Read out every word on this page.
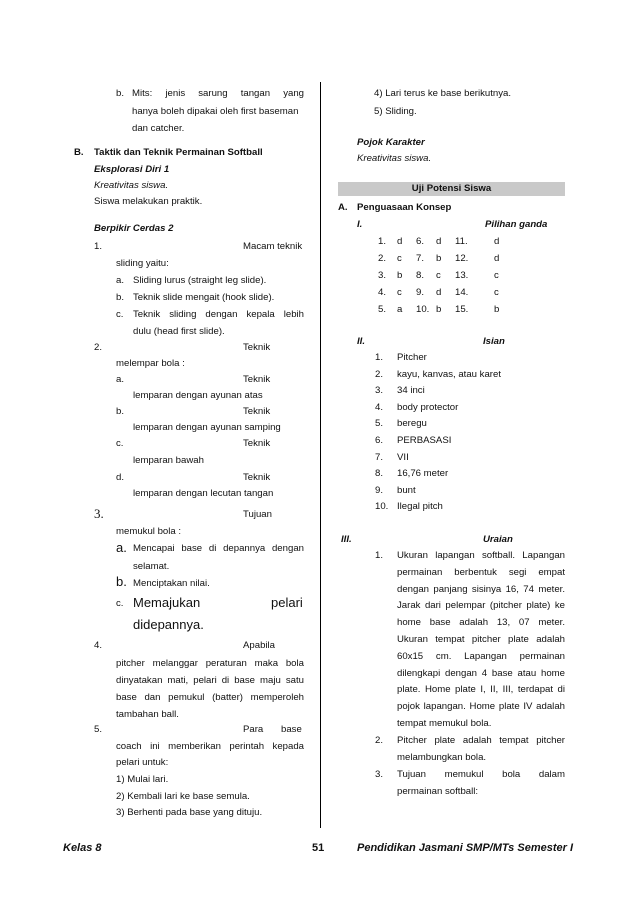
b. Mits: jenis sarung tangan yang
hanya boleh dipakai oleh first baseman
dan catcher.
B. Taktik dan Teknik Permainan Softball
Eksplorasi Diri 1
Kreativitas siswa.
Siswa melakukan praktik.
Berpikir Cerdas 2
1.	Macam teknik
sliding yaitu:
a. Sliding lurus (straight leg slide).
b. Teknik slide mengait (hook slide).
c. Teknik sliding dengan kepala lebih
dulu (head first slide).
2.	Teknik
melempar bola :
a.	Teknik
lemparan dengan ayunan atas
b.	Teknik
lemparan dengan ayunan samping
c.	Teknik
lemparan bawah
d.	Teknik
lemparan dengan lecutan tangan
3.	Tujuan
memukul bola :
a. Mencapai base di depannya dengan
selamat.
b. Menciptakan nilai.
c. Memajukan	pelari
didepannya.
4.	Apabila
pitcher melanggar peraturan maka bola
dinyatakan mati, pelari di base maju satu
base dan pemukul (batter) memperoleh
tambahan ball.
5.	Para base
coach ini memberikan perintah kepada
pelari untuk:
1) Mulai lari.
2) Kembali lari ke base semula.
3) Berhenti pada base yang dituju.
4) Lari terus ke base berikutnya.
5) Sliding.
Pojok Karakter
Kreativitas siswa.
Uji Potensi Siswa
A. Penguasaan Konsep
I.	Pilihan ganda
1. d 6. d 11.	d
2. c 7. b 12.	d
3. b 8. c 13.	c
4. c 9. d 14.	c
5. a 10. b 15.	b
II.	Isian
1. Pitcher
2. kayu, kanvas, atau karet
3. 34 inci
4. body protector
5. beregu
6. PERBASASI
7. VII
8. 16,76 meter
9. bunt
10. Ilegal pitch
III.	Uraian
1. Ukuran lapangan softball. Lapangan
permainan berbentuk segi empat
dengan panjang sisinya 16, 74 meter.
Jarak dari pelempar (pitcher plate) ke
home base adalah 13, 07 meter.
Ukuran tempat pitcher plate adalah
60x15 cm. Lapangan permainan
dilengkapi dengan 4 base atau home
plate. Home plate I, II, III, terdapat di
pojok lapangan. Home plate IV adalah
tempat memukul bola.
2. Pitcher plate adalah tempat pitcher
melambungkan bola.
3. Tujuan memukul bola dalam
permainan softball:
Kelas 8	51	Pendidikan Jasmani SMP/MTs Semester I
